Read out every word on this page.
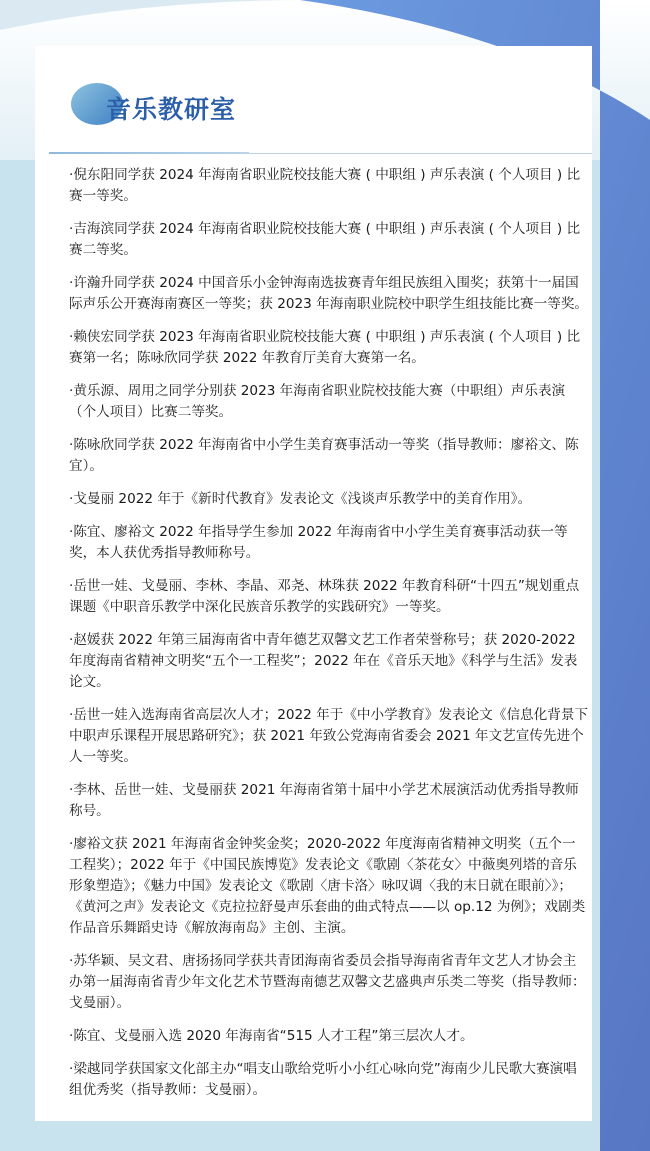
音乐教研室
·倪东阳同学获 2024 年海南省职业院校技能大赛 ( 中职组 ) 声乐表演 ( 个人项目 ) 比赛一等奖。
·吉海滨同学获 2024 年海南省职业院校技能大赛 ( 中职组 ) 声乐表演 ( 个人项目 ) 比赛二等奖。
·许瀚升同学获 2024 中国音乐小金钟海南选拔赛青年组民族组入围奖；获第十一届国际声乐公开赛海南赛区一等奖；获 2023 年海南职业院校中职学生组技能比赛一等奖。
·赖侠宏同学获 2023 年海南省职业院校技能大赛 ( 中职组 ) 声乐表演 ( 个人项目 ) 比赛第一名；陈咏欣同学获 2022 年教育厅美育大赛第一名。
·黄乐源、周用之同学分别获 2023 年海南省职业院校技能大赛（中职组）声乐表演（个人项目）比赛二等奖。
·陈咏欣同学获 2022 年海南省中小学生美育赛事活动一等奖（指导教师：廖裕文、陈宜）。
·戈曼丽 2022 年于《新时代教育》发表论文《浅谈声乐教学中的美育作用》。
·陈宜、廖裕文 2022 年指导学生参加 2022 年海南省中小学生美育赛事活动获一等奖，本人获优秀指导教师称号。
·岳世一娃、戈曼丽、李林、李晶、邓尧、林珠获 2022 年教育科研“十四五”规划重点课题《中职音乐教学中深化民族音乐教学的实践研究》一等奖。
·赵媛获 2022 年第三届海南省中青年德艺双馨文艺工作者荣誉称号；获 2020-2022 年度海南省精神文明奖“五个一工程奖”；2022 年在《音乐天地》《科学与生活》发表论文。
·岳世一娃入选海南省高层次人才；2022 年于《中小学教育》发表论文《信息化背景下中职声乐课程开展思路研究》；获 2021 年致公党海南省委会 2021 年文艺宣传先进个人一等奖。
·李林、岳世一娃、戈曼丽获 2021 年海南省第十届中小学艺术展演活动优秀指导教师称号。
·廖裕文获 2021 年海南省金钟奖金奖；2020-2022 年度海南省精神文明奖（五个一工程奖）；2022 年于《中国民族博览》发表论文《歌剧〈茶花女〉中薇奥列塔的音乐形象塑造》；《魅力中国》发表论文《歌剧〈唐卡洛〉咏叹调〈我的末日就在眼前〉》；《黄河之声》发表论文《克拉拉舒曼声乐套曲的曲式特点——以 op.12 为例》；戏剧类作品音乐舞蹈史诗《解放海南岛》主创、主演。
·苏华颖、吴文君、唐扬扬同学获共青团海南省委员会指导海南省青年文艺人才协会主办第一届海南省青少年文化艺术节暨海南德艺双馨文艺盛典声乐类二等奖（指导教师：戈曼丽）。
·陈宜、戈曼丽入选 2020 年海南省“515 人才工程”第三层次人才。
·梁越同学获国家文化部主办“唱支山歌给党听小小红心咏向党”海南少儿民歌大赛演唱组优秀奖（指导教师：戈曼丽）。
